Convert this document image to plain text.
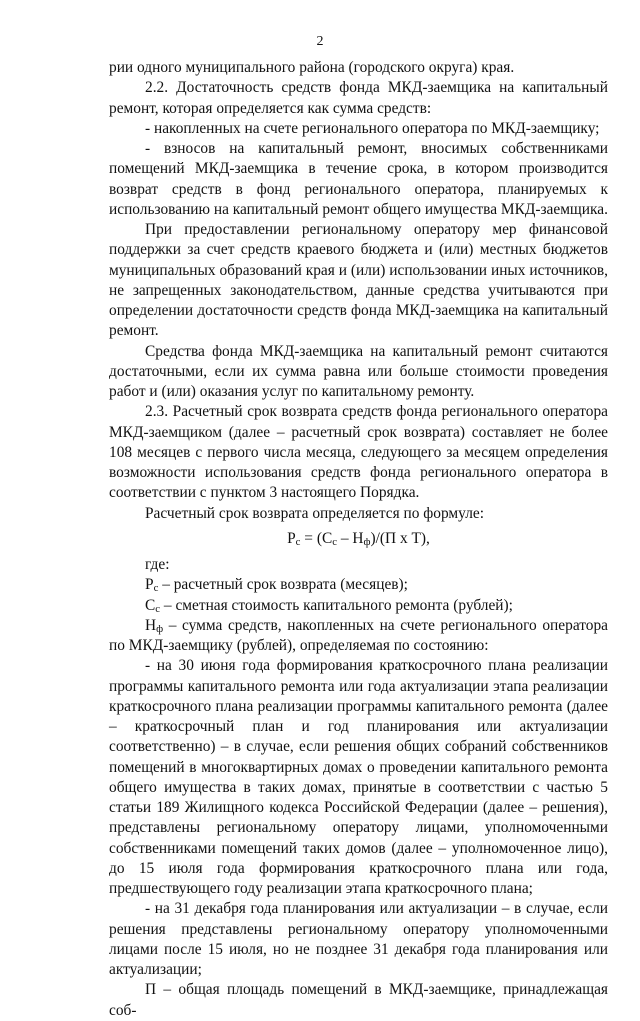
2

рии одного муниципального района (городского округа) края.

2.2. Достаточность средств фонда МКД-заемщика на капитальный ремонт, которая определяется как сумма средств:

- накопленных на счете регионального оператора по МКД-заемщику;

- взносов на капитальный ремонт, вносимых собственниками помещений МКД-заемщика в течение срока, в котором производится возврат средств в фонд регионального оператора, планируемых к использованию на капитальный ремонт общего имущества МКД-заемщика.

При предоставлении региональному оператору мер финансовой поддержки за счет средств краевого бюджета и (или) местных бюджетов муниципальных образований края и (или) использовании иных источников, не запрещенных законодательством, данные средства учитываются при определении достаточности средств фонда МКД-заемщика на капитальный ремонт.

Средства фонда МКД-заемщика на капитальный ремонт считаются достаточными, если их сумма равна или больше стоимости проведения работ и (или) оказания услуг по капитальному ремонту.

2.3. Расчетный срок возврата средств фонда регионального оператора МКД-заемщиком (далее – расчетный срок возврата) составляет не более 108 месяцев с первого числа месяца, следующего за месяцем определения возможности использования средств фонда регионального оператора в соответствии с пунктом 3 настоящего Порядка.

Расчетный срок возврата определяется по формуле:

$Р_с = (С_с - Н_ф)/(П$ х Т),

где:

$Р_с$ – расчетный срок возврата (месяцев);

$С_с$ – сметная стоимость капитального ремонта (рублей);

$Н_ф$ – сумма средств, накопленных на счете регионального оператора по МКД-заемщику (рублей), определяемая по состоянию:

- на 30 июня года формирования краткосрочного плана реализации программы капитального ремонта или года актуализации этапа реализации краткосрочного плана реализации программы капитального ремонта (далее – краткосрочный план и год планирования или актуализации соответственно) – в случае, если решения общих собраний собственников помещений в многоквартирных домах о проведении капитального ремонта общего имущества в таких домах, принятые в соответствии с частью 5 статьи 189 Жилищного кодекса Российской Федерации (далее – решения), представлены региональному оператору лицами, уполномоченными собственниками помещений таких домов (далее – уполномоченное лицо), до 15 июля года формирования краткосрочного плана или года, предшествующего году реализации этапа краткосрочного плана;

- на 31 декабря года планирования или актуализации – в случае, если решения представлены региональному оператору уполномоченными лицами после 15 июля, но не позднее 31 декабря года планирования или актуализации;

П – общая площадь помещений в МКД-заемщике, принадлежащая соб-
